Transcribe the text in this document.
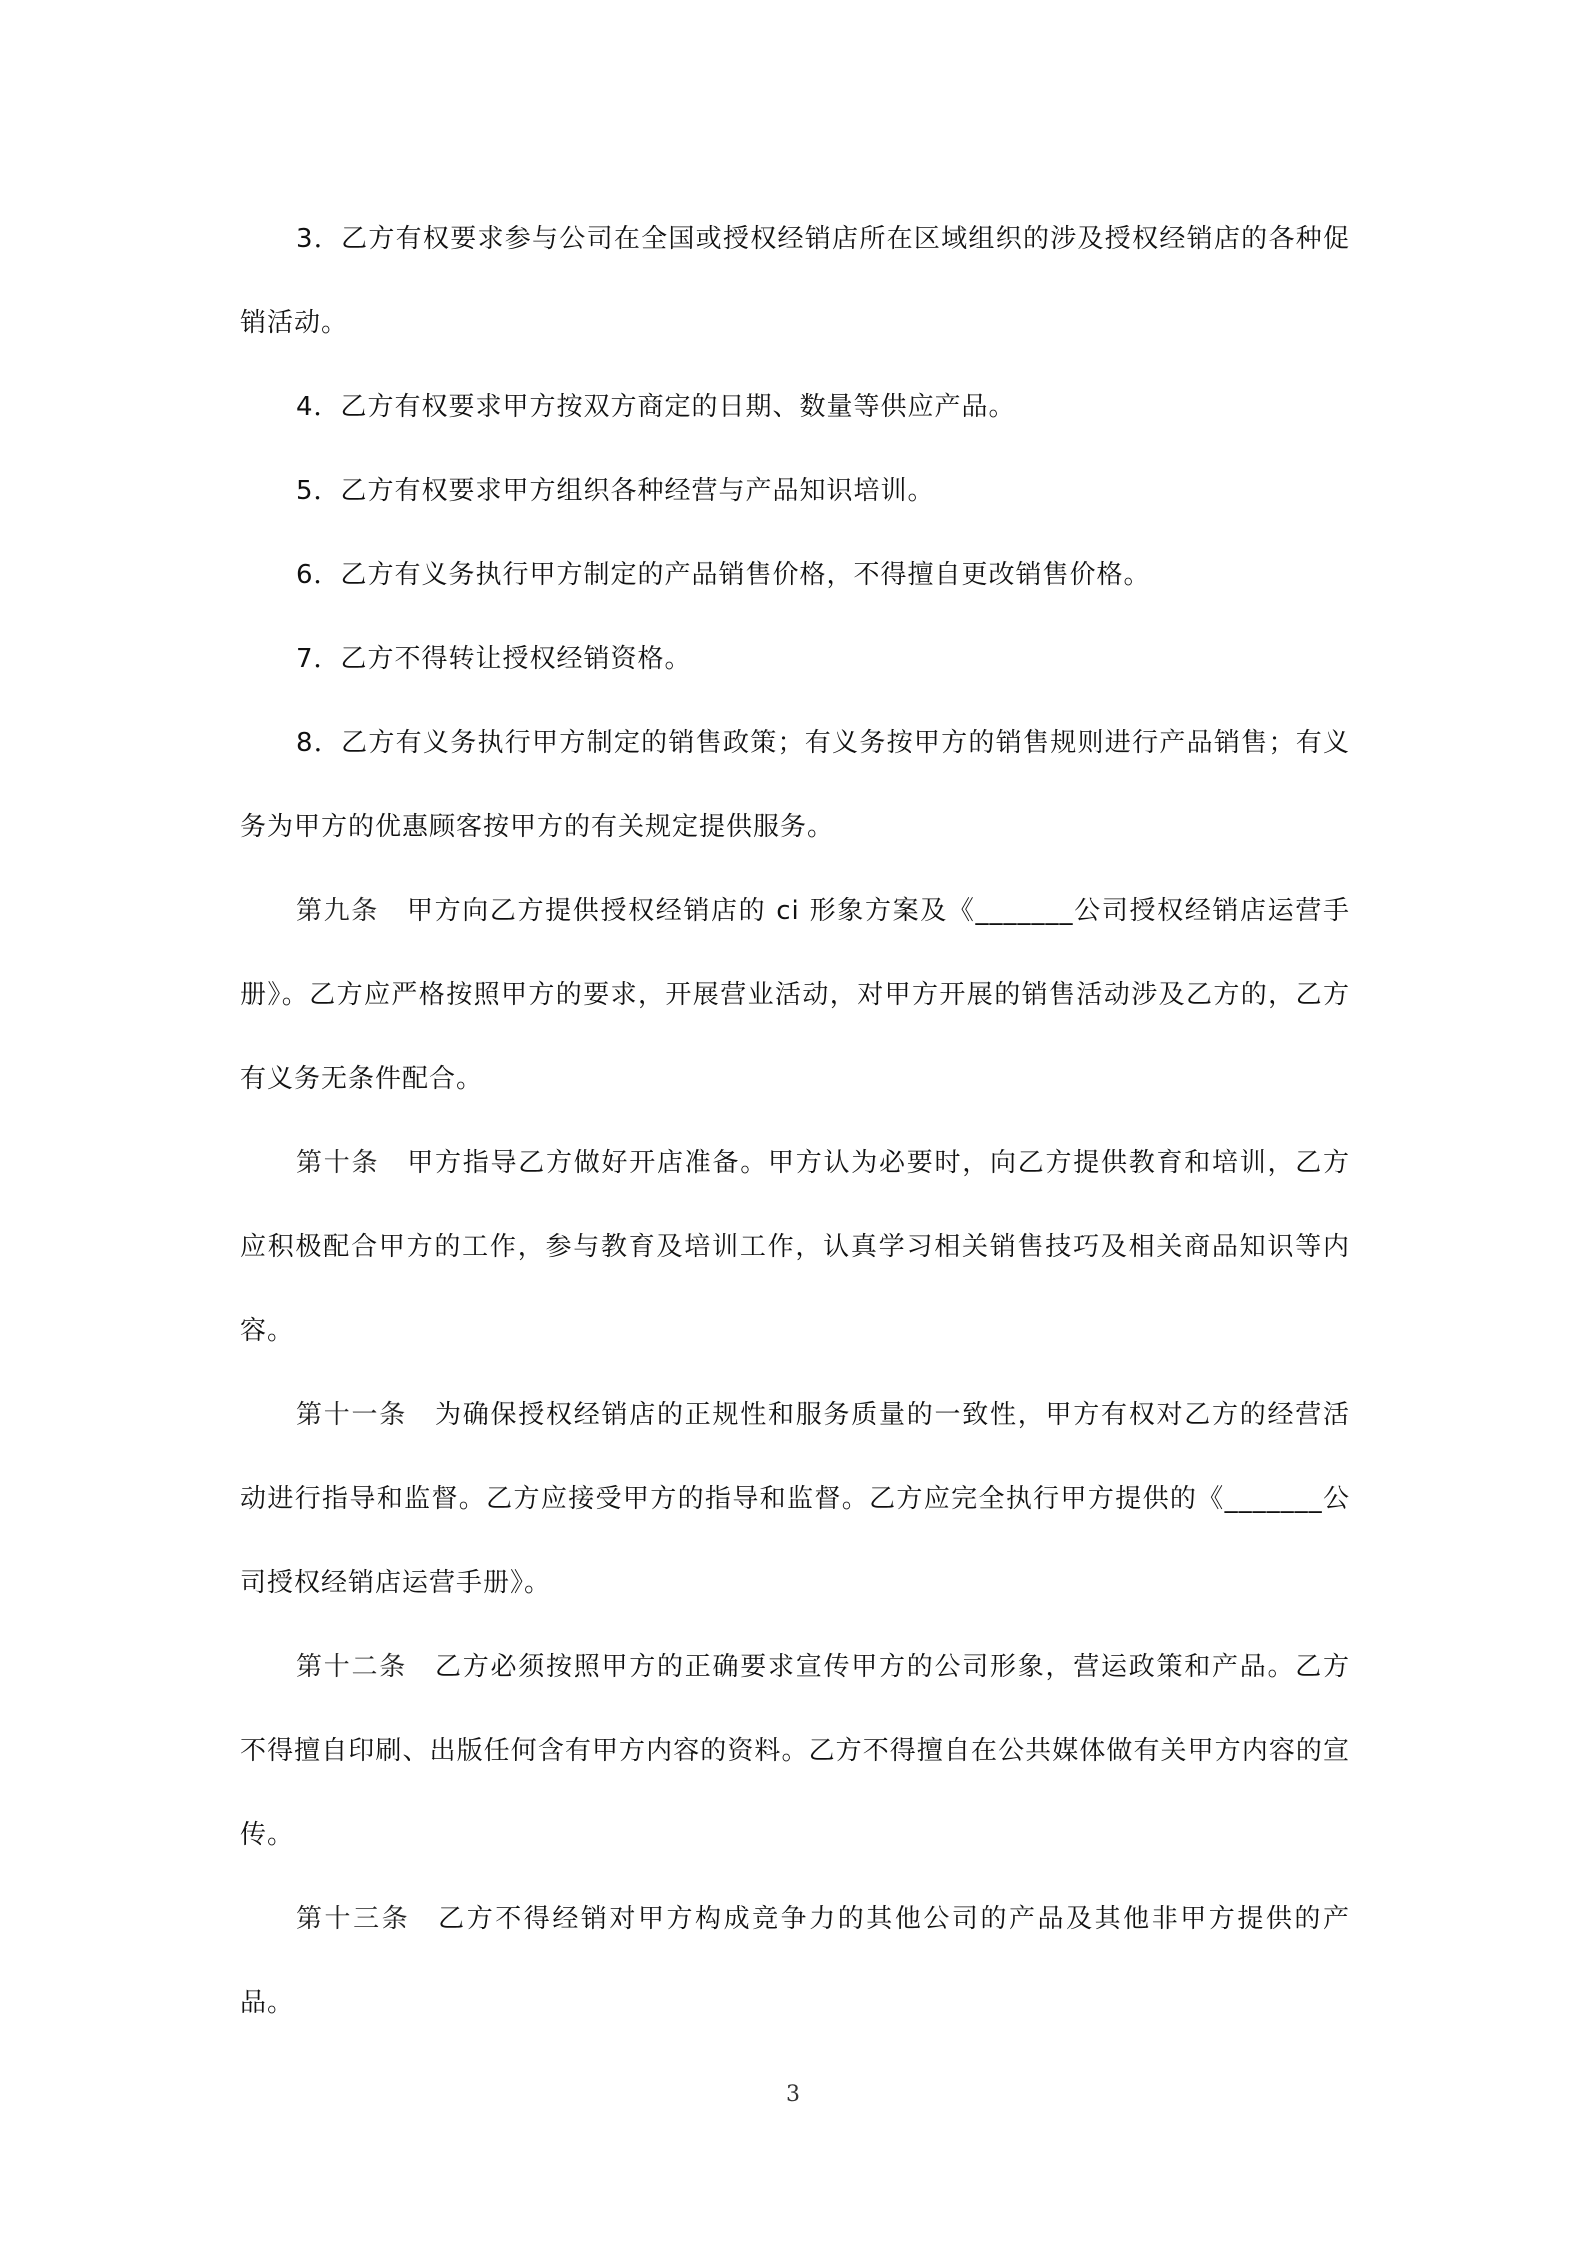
3．乙方有权要求参与公司在全国或授权经销店所在区域组织的涉及授权经销店的各种促销活动。

4．乙方有权要求甲方按双方商定的日期、数量等供应产品。

5．乙方有权要求甲方组织各种经营与产品知识培训。

6．乙方有义务执行甲方制定的产品销售价格，不得擅自更改销售价格。

7．乙方不得转让授权经销资格。

8．乙方有义务执行甲方制定的销售政策；有义务按甲方的销售规则进行产品销售；有义务为甲方的优惠顾客按甲方的有关规定提供服务。

第九条 甲方向乙方提供授权经销店的 ci 形象方案及《_______公司授权经销店运营手册》。乙方应严格按照甲方的要求，开展营业活动，对甲方开展的销售活动涉及乙方的，乙方有义务无条件配合。

第十条 甲方指导乙方做好开店准备。甲方认为必要时，向乙方提供教育和培训，乙方应积极配合甲方的工作，参与教育及培训工作，认真学习相关销售技巧及相关商品知识等内容。

第十一条 为确保授权经销店的正规性和服务质量的一致性，甲方有权对乙方的经营活动进行指导和监督。乙方应接受甲方的指导和监督。乙方应完全执行甲方提供的《_______公司授权经销店运营手册》。

第十二条 乙方必须按照甲方的正确要求宣传甲方的公司形象，营运政策和产品。乙方不得擅自印刷、出版任何含有甲方内容的资料。乙方不得擅自在公共媒体做有关甲方内容的宣传。

第十三条 乙方不得经销对甲方构成竞争力的其他公司的产品及其他非甲方提供的产品。

3
